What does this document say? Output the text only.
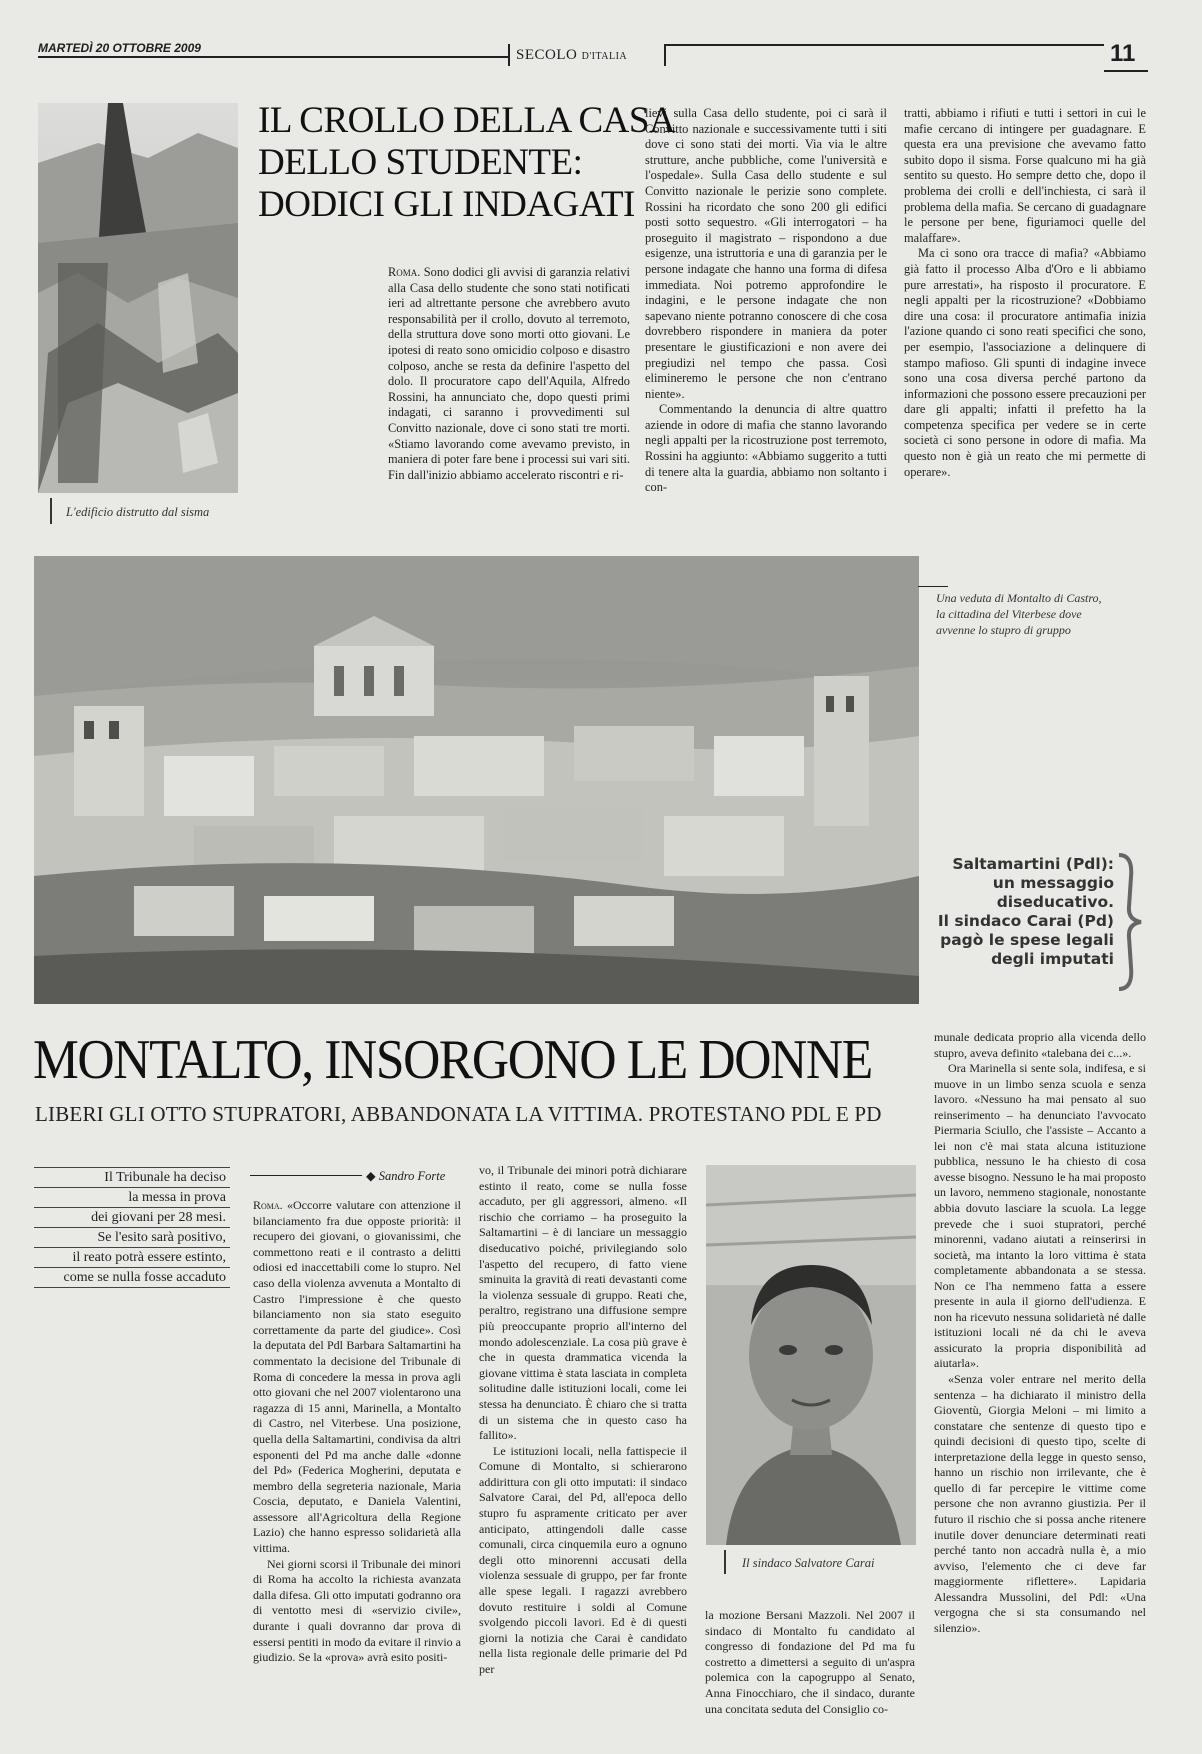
MARTEDÌ 20 OTTOBRE 2009	SECOLO D'ITALIA	11
L'edificio distrutto dal sisma
IL CROLLO DELLA CASA
DELLO STUDENTE:
DODICI GLI INDAGATI

Roma. Sono dodici gli avvisi di garanzia relativi alla Casa dello studente che sono stati notificati ieri ad altrettante persone che avrebbero avuto responsabilità per il crollo, dovuto al terremoto, della struttura dove sono morti otto giovani. Le ipotesi di reato sono omicidio colposo e disastro colposo, anche se resta da definire l'aspetto del dolo. Il procuratore capo dell'Aquila, Alfredo Rossini, ha annunciato che, dopo questi primi indagati, ci saranno i provvedimenti sul Convitto nazionale, dove ci sono stati tre morti. «Stiamo lavorando come avevamo previsto, in maniera di poter fare bene i processi sui vari siti. Fin dall'inizio abbiamo accelerato riscontri e ri-

lievi sulla Casa dello studente, poi ci sarà il Convitto nazionale e successivamente tutti i siti dove ci sono stati dei morti. Via via le altre strutture, anche pubbliche, come l'università e l'ospedale». Sulla Casa dello studente e sul Convitto nazionale le perizie sono complete. Rossini ha ricordato che sono 200 gli edifici posti sotto sequestro. «Gli interrogatori – ha proseguito il magistrato – rispondono a due esigenze, una istruttoria e una di garanzia per le persone indagate che hanno una forma di difesa immediata. Noi potremo approfondire le indagini, e le persone indagate che non sapevano niente potranno conoscere di che cosa dovrebbero rispondere in maniera da poter presentare le giustificazioni e non avere dei pregiudizi nel tempo che passa. Così elimineremo le persone che non c'entrano niente».

Commentando la denuncia di altre quattro aziende in odore di mafia che stanno lavorando negli appalti per la ricostruzione post terremoto, Rossini ha aggiunto: «Abbiamo suggerito a tutti di tenere alta la guardia, abbiamo non soltanto i con-

tratti, abbiamo i rifiuti e tutti i settori in cui le mafie cercano di intingere per guadagnare. E questa era una previsione che avevamo fatto subito dopo il sisma. Forse qualcuno mi ha già sentito su questo. Ho sempre detto che, dopo il problema dei crolli e dell'inchiesta, ci sarà il problema della mafia. Se cercano di guadagnare le persone per bene, figuriamoci quelle del malaffare».

Ma ci sono ora tracce di mafia? «Abbiamo già fatto il processo Alba d'Oro e li abbiamo pure arrestati», ha risposto il procuratore. E negli appalti per la ricostruzione? «Dobbiamo dire una cosa: il procuratore antimafia inizia l'azione quando ci sono reati specifici che sono, per esempio, l'associazione a delinquere di stampo mafioso. Gli spunti di indagine invece sono una cosa diversa perché partono da informazioni che possono essere precauzioni per dare gli appalti; infatti il prefetto ha la competenza specifica per vedere se in certe società ci sono persone in odore di mafia. Ma questo non è già un reato che mi permette di operare».

Una veduta di Montalto di Castro, la cittadina del Viterbese dove avvenne lo stupro di gruppo
Saltamartini (Pdl):
un messaggio
diseducativo.
Il sindaco Carai (Pd)
pagò le spese legali
degli imputati
MONTALTO, INSORGONO LE DONNE
LIBERI GLI OTTO STUPRATORI, ABBANDONATA LA VITTIMA. PROTESTANO PDL E PD
Il Tribunale ha deciso
la messa in prova
dei giovani per 28 mesi.
Se l'esito sarà positivo,
il reato potrà essere estinto,
come se nulla fosse accaduto
◆ Sandro Forte

Roma. «Occorre valutare con attenzione il bilanciamento fra due opposte priorità: il recupero dei giovani, o giovanissimi, che commettono reati e il contrasto a delitti odiosi ed inaccettabili come lo stupro. Nel caso della violenza avvenuta a Montalto di Castro l'impressione è che questo bilanciamento non sia stato eseguito correttamente da parte del giudice». Così la deputata del Pdl Barbara Saltamartini ha commentato la decisione del Tribunale di Roma di concedere la messa in prova agli otto giovani che nel 2007 violentarono una ragazza di 15 anni, Marinella, a Montalto di Castro, nel Viterbese. Una posizione, quella della Saltamartini, condivisa da altri esponenti del Pd ma anche dalle «donne del Pd» (Federica Mogherini, deputata e membro della segreteria nazionale, Maria Coscia, deputato, e Daniela Valentini, assessore all'Agricoltura della Regione Lazio) che hanno espresso solidarietà alla vittima.

Nei giorni scorsi il Tribunale dei minori di Roma ha accolto la richiesta avanzata dalla difesa. Gli otto imputati godranno ora di ventotto mesi di «servizio civile», durante i quali dovranno dar prova di essersi pentiti in modo da evitare il rinvio a giudizio. Se la «prova» avrà esito positi-

vo, il Tribunale dei minori potrà dichiarare estinto il reato, come se nulla fosse accaduto, per gli aggressori, almeno. «Il rischio che corriamo – ha proseguito la Saltamartini – è di lanciare un messaggio diseducativo poiché, privilegiando solo l'aspetto del recupero, di fatto viene sminuita la gravità di reati devastanti come la violenza sessuale di gruppo. Reati che, peraltro, registrano una diffusione sempre più preoccupante proprio all'interno del mondo adolescenziale. La cosa più grave è che in questa drammatica vicenda la giovane vittima è stata lasciata in completa solitudine dalle istituzioni locali, come lei stessa ha denunciato. È chiaro che si tratta di un sistema che in questo caso ha fallito».

Le istituzioni locali, nella fattispecie il Comune di Montalto, si schierarono addirittura con gli otto imputati: il sindaco Salvatore Carai, del Pd, all'epoca dello stupro fu aspramente criticato per aver anticipato, attingendoli dalle casse comunali, circa cinquemila euro a ognuno degli otto minorenni accusati della violenza sessuale di gruppo, per far fronte alle spese legali. I ragazzi avrebbero dovuto restituire i soldi al Comune svolgendo piccoli lavori. Ed è di questi giorni la notizia che Carai è candidato nella lista regionale delle primarie del Pd per

Il sindaco Salvatore Carai

la mozione Bersani Mazzoli. Nel 2007 il sindaco di Montalto fu candidato al congresso di fondazione del Pd ma fu costretto a dimettersi a seguito di un'aspra polemica con la capogruppo al Senato, Anna Finocchiaro, che il sindaco, durante una concitata seduta del Consiglio co-

munale dedicata proprio alla vicenda dello stupro, aveva definito «talebana dei c...».

Ora Marinella si sente sola, indifesa, e si muove in un limbo senza scuola e senza lavoro. «Nessuno ha mai pensato al suo reinserimento – ha denunciato l'avvocato Piermaria Sciullo, che l'assiste – Accanto a lei non c'è mai stata alcuna istituzione pubblica, nessuno le ha chiesto di cosa avesse bisogno. Nessuno le ha mai proposto un lavoro, nemmeno stagionale, nonostante abbia dovuto lasciare la scuola. La legge prevede che i suoi stupratori, perché minorenni, vadano aiutati a reinserirsi in società, ma intanto la loro vittima è stata completamente abbandonata a se stessa. Non ce l'ha nemmeno fatta a essere presente in aula il giorno dell'udienza. E non ha ricevuto nessuna solidarietà né dalle istituzioni locali né da chi le aveva assicurato la propria disponibilità ad aiutarla».

«Senza voler entrare nel merito della sentenza – ha dichiarato il ministro della Gioventù, Giorgia Meloni – mi limito a constatare che sentenze di questo tipo e quindi decisioni di questo tipo, scelte di interpretazione della legge in questo senso, hanno un rischio non irrilevante, che è quello di far percepire le vittime come persone che non avranno giustizia. Per il futuro il rischio che si possa anche ritenere inutile dover denunciare determinati reati perché tanto non accadrà nulla è, a mio avviso, l'elemento che ci deve far maggiormente riflettere». Lapidaria Alessandra Mussolini, del Pdl: «Una vergogna che si sta consumando nel silenzio».
